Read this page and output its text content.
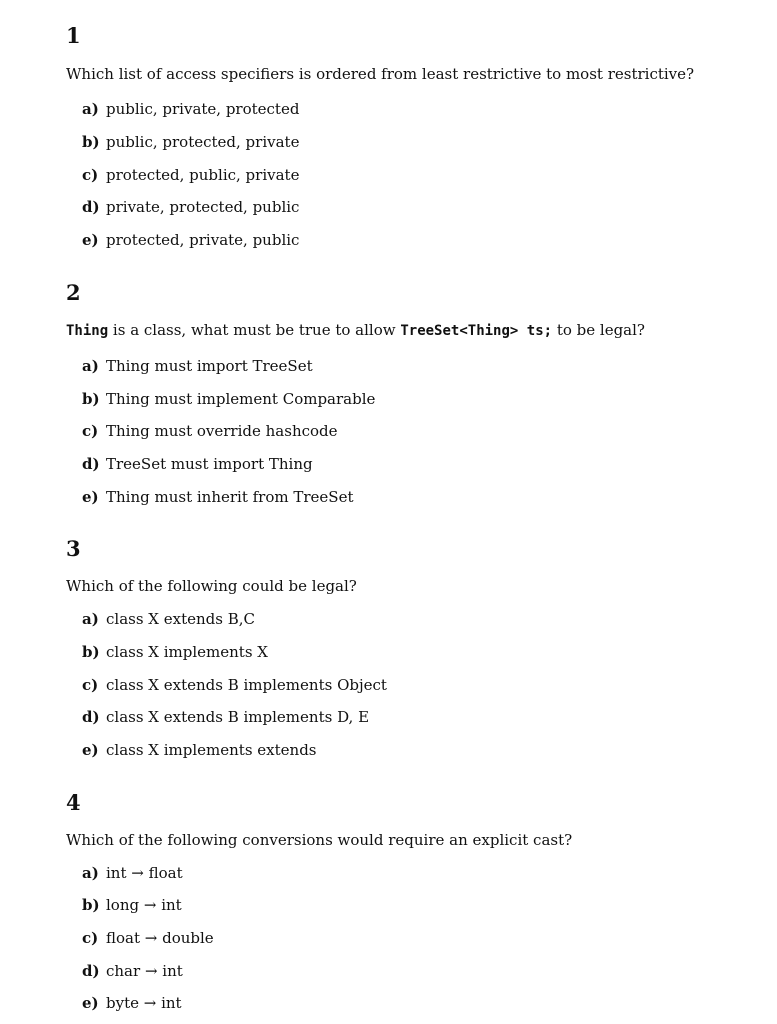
1
Which list of access specifiers is ordered from least restrictive to most restrictive?
a) public, private, protected
b) public, protected, private
c) protected, public, private
d) private, protected, public
e) protected, private, public
2
Thing is a class, what must be true to allow TreeSet<Thing> ts; to be legal?
a) Thing must import TreeSet
b) Thing must implement Comparable
c) Thing must override hashcode
d) TreeSet must import Thing
e) Thing must inherit from TreeSet
3
Which of the following could be legal?
a) class X extends B,C
b) class X implements X
c) class X extends B implements Object
d) class X extends B implements D, E
e) class X implements extends
4
Which of the following conversions would require an explicit cast?
a) int → float
b) long → int
c) float → double
d) char → int
e) byte → int
